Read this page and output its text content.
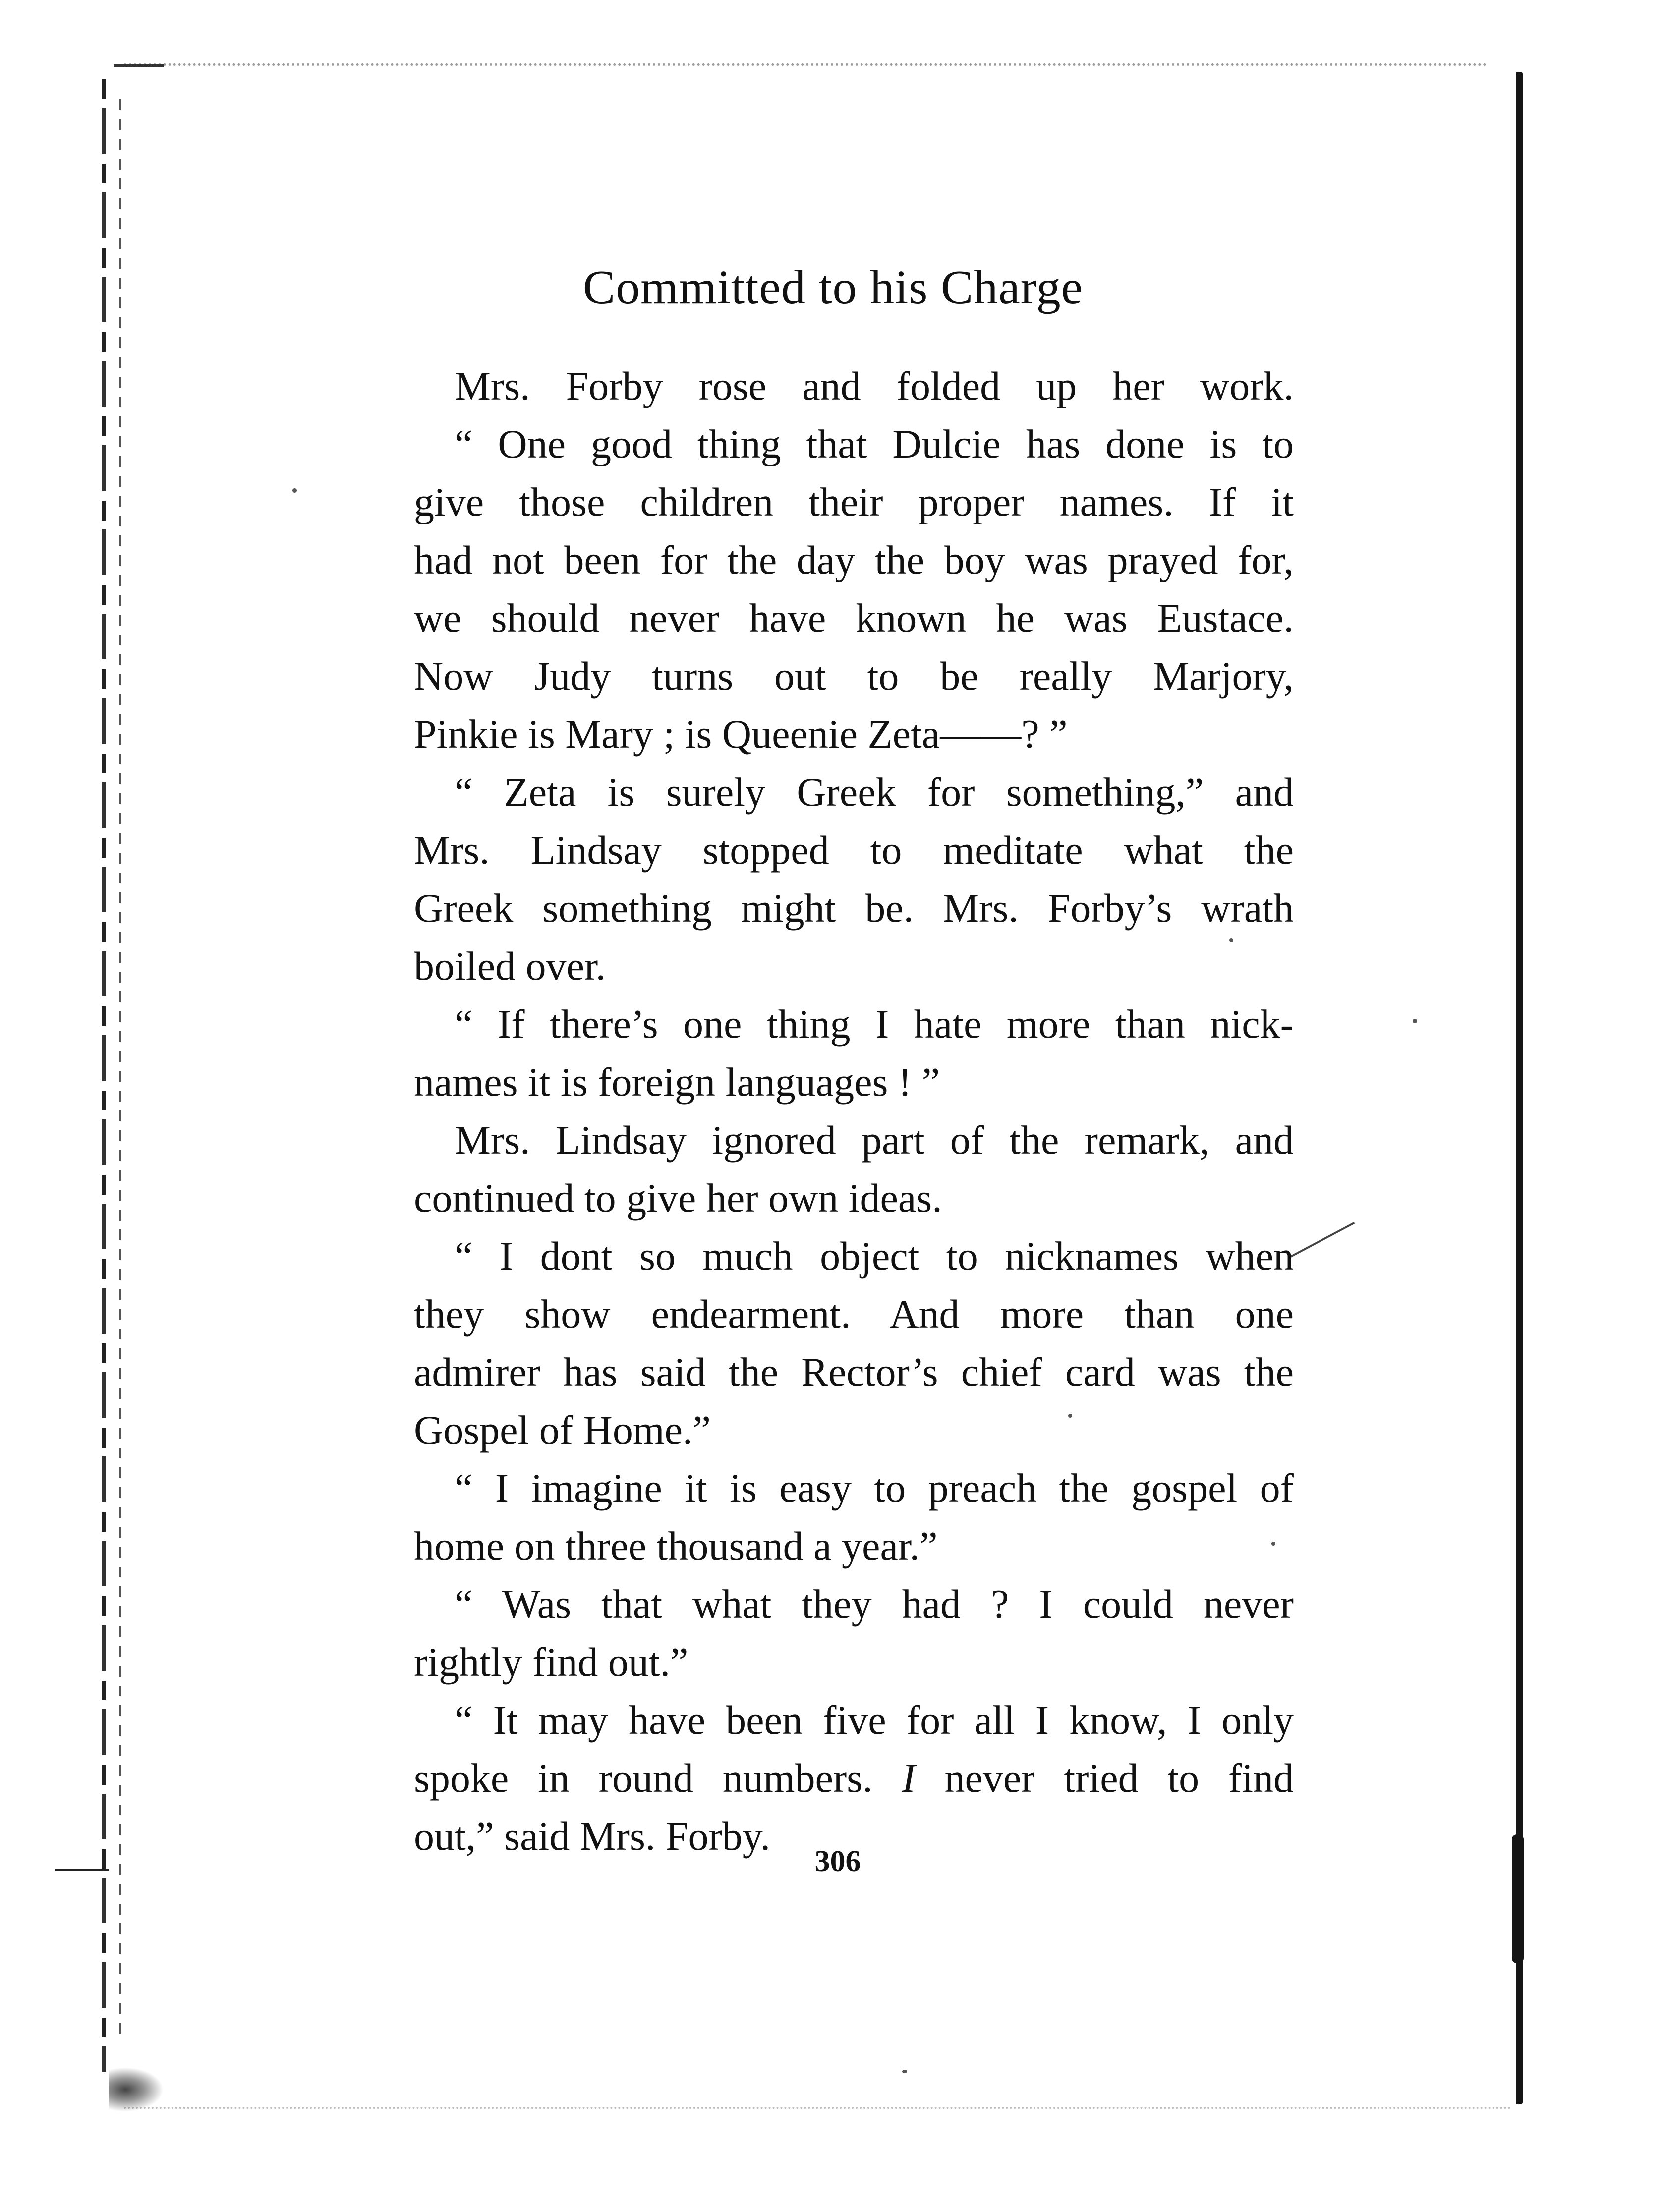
Committed to his Charge
Mrs. Forby rose and folded up her work.
“ One good thing that Dulcie has done is to
give those children their proper names. If it
had not been for the day the boy was prayed for,
we should never have known he was Eustace.
Now Judy turns out to be really Marjory,
Pinkie is Mary ; is Queenie Zeta——? ”
“ Zeta is surely Greek for something,” and
Mrs. Lindsay stopped to meditate what the
Greek something might be. Mrs. Forby’s wrath
boiled over.
“ If there’s one thing I hate more than nick-
names it is foreign languages ! ”
Mrs. Lindsay ignored part of the remark, and
continued to give her own ideas.
“ I dont so much object to nicknames when
they show endearment. And more than one
admirer has said the Rector’s chief card was the
Gospel of Home.”
“ I imagine it is easy to preach the gospel of
home on three thousand a year.”
“ Was that what they had ? I could never
rightly find out.”
“ It may have been five for all I know, I only
spoke in round numbers. I never tried to find
out,” said Mrs. Forby.
306
